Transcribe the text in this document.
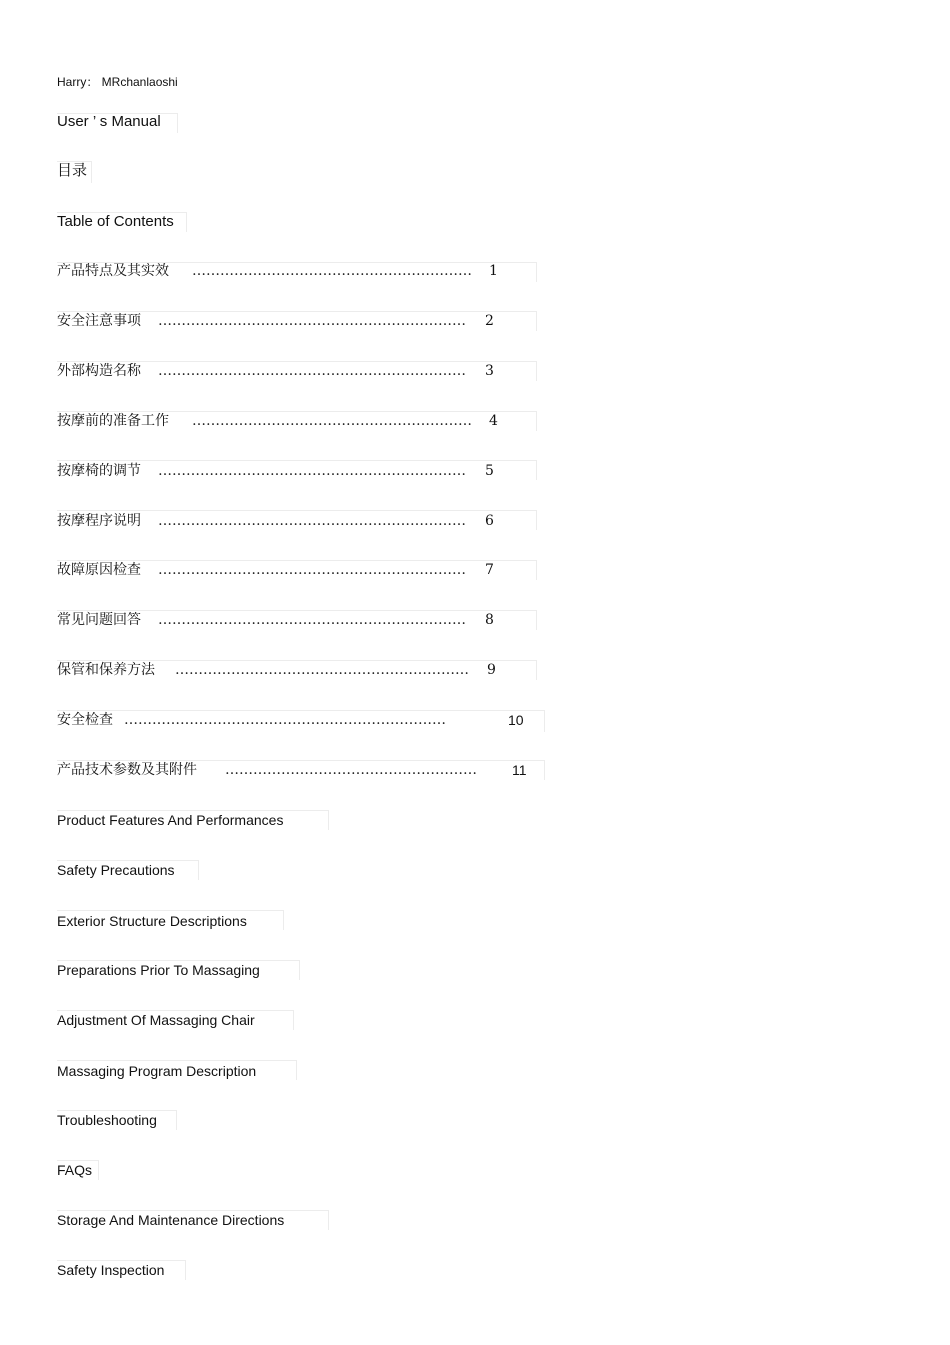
Harry： MRchanlaoshi
User ’ s Manual
目录
Table of Contents
产品特点及其实效 ……………………………………………………	1
安全注意事项 …………………………………………………………	2
外部构造名称 …………………………………………………………	3
按摩前的准备工作 ……………………………………………………	4
按摩椅的调节 …………………………………………………………	5
按摩程序说明 …………………………………………………………	6
故障原因检查 …………………………………………………………	7
常见问题回答 …………………………………………………………	8
保管和保养方法 ………………………………………………………	9
安全检查 ……………………………………………………………	10
产品技术参数及其附件 ………………………………………………	11
Product Features And Performances
Safety Precautions
Exterior Structure Descriptions
Preparations Prior To Massaging
Adjustment Of Massaging Chair
Massaging Program Description
Troubleshooting
FAQs
Storage And Maintenance Directions
Safety Inspection
